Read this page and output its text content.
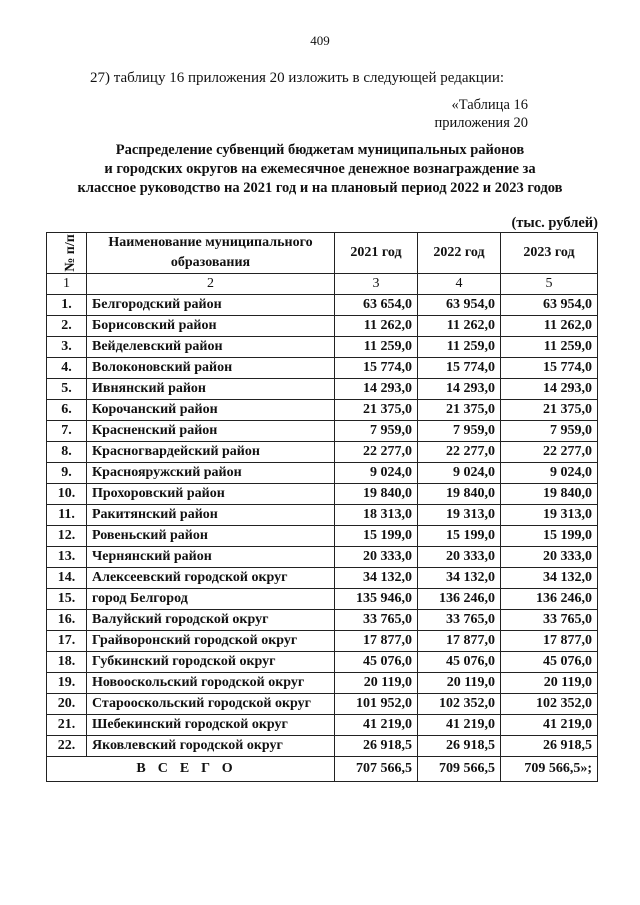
409
27) таблицу 16 приложения 20 изложить в следующей редакции:
«Таблица 16
приложения 20
Распределение субвенций бюджетам муниципальных районов
и городских округов на ежемесячное денежное вознаграждение за
классное руководство на 2021 год и на плановый период 2022 и 2023 годов
(тыс. рублей)
№ п/п	Наименование муниципального образования	2021 год	2022 год	2023 год
1	2	3	4	5
1.	Белгородский район	63 654,0	63 954,0	63 954,0
2.	Борисовский район	11 262,0	11 262,0	11 262,0
3.	Вейделевский район	11 259,0	11 259,0	11 259,0
4.	Волоконовский район	15 774,0	15 774,0	15 774,0
5.	Ивнянский район	14 293,0	14 293,0	14 293,0
6.	Корочанский район	21 375,0	21 375,0	21 375,0
7.	Красненский район	7 959,0	7 959,0	7 959,0
8.	Красногвардейский район	22 277,0	22 277,0	22 277,0
9.	Краснояружский район	9 024,0	9 024,0	9 024,0
10.	Прохоровский район	19 840,0	19 840,0	19 840,0
11.	Ракитянский район	18 313,0	19 313,0	19 313,0
12.	Ровеньский район	15 199,0	15 199,0	15 199,0
13.	Чернянский район	20 333,0	20 333,0	20 333,0
14.	Алексеевский городской округ	34 132,0	34 132,0	34 132,0
15.	город Белгород	135 946,0	136 246,0	136 246,0
16.	Валуйский городской округ	33 765,0	33 765,0	33 765,0
17.	Грайворонский городской округ	17 877,0	17 877,0	17 877,0
18.	Губкинский городской округ	45 076,0	45 076,0	45 076,0
19.	Новооскольский городской округ	20 119,0	20 119,0	20 119,0
20.	Старооскольский городской округ	101 952,0	102 352,0	102 352,0
21.	Шебекинский городской округ	41 219,0	41 219,0	41 219,0
22.	Яковлевский городской округ	26 918,5	26 918,5	26 918,5
ВСЕГО		707 566,5	709 566,5	709 566,5»;
